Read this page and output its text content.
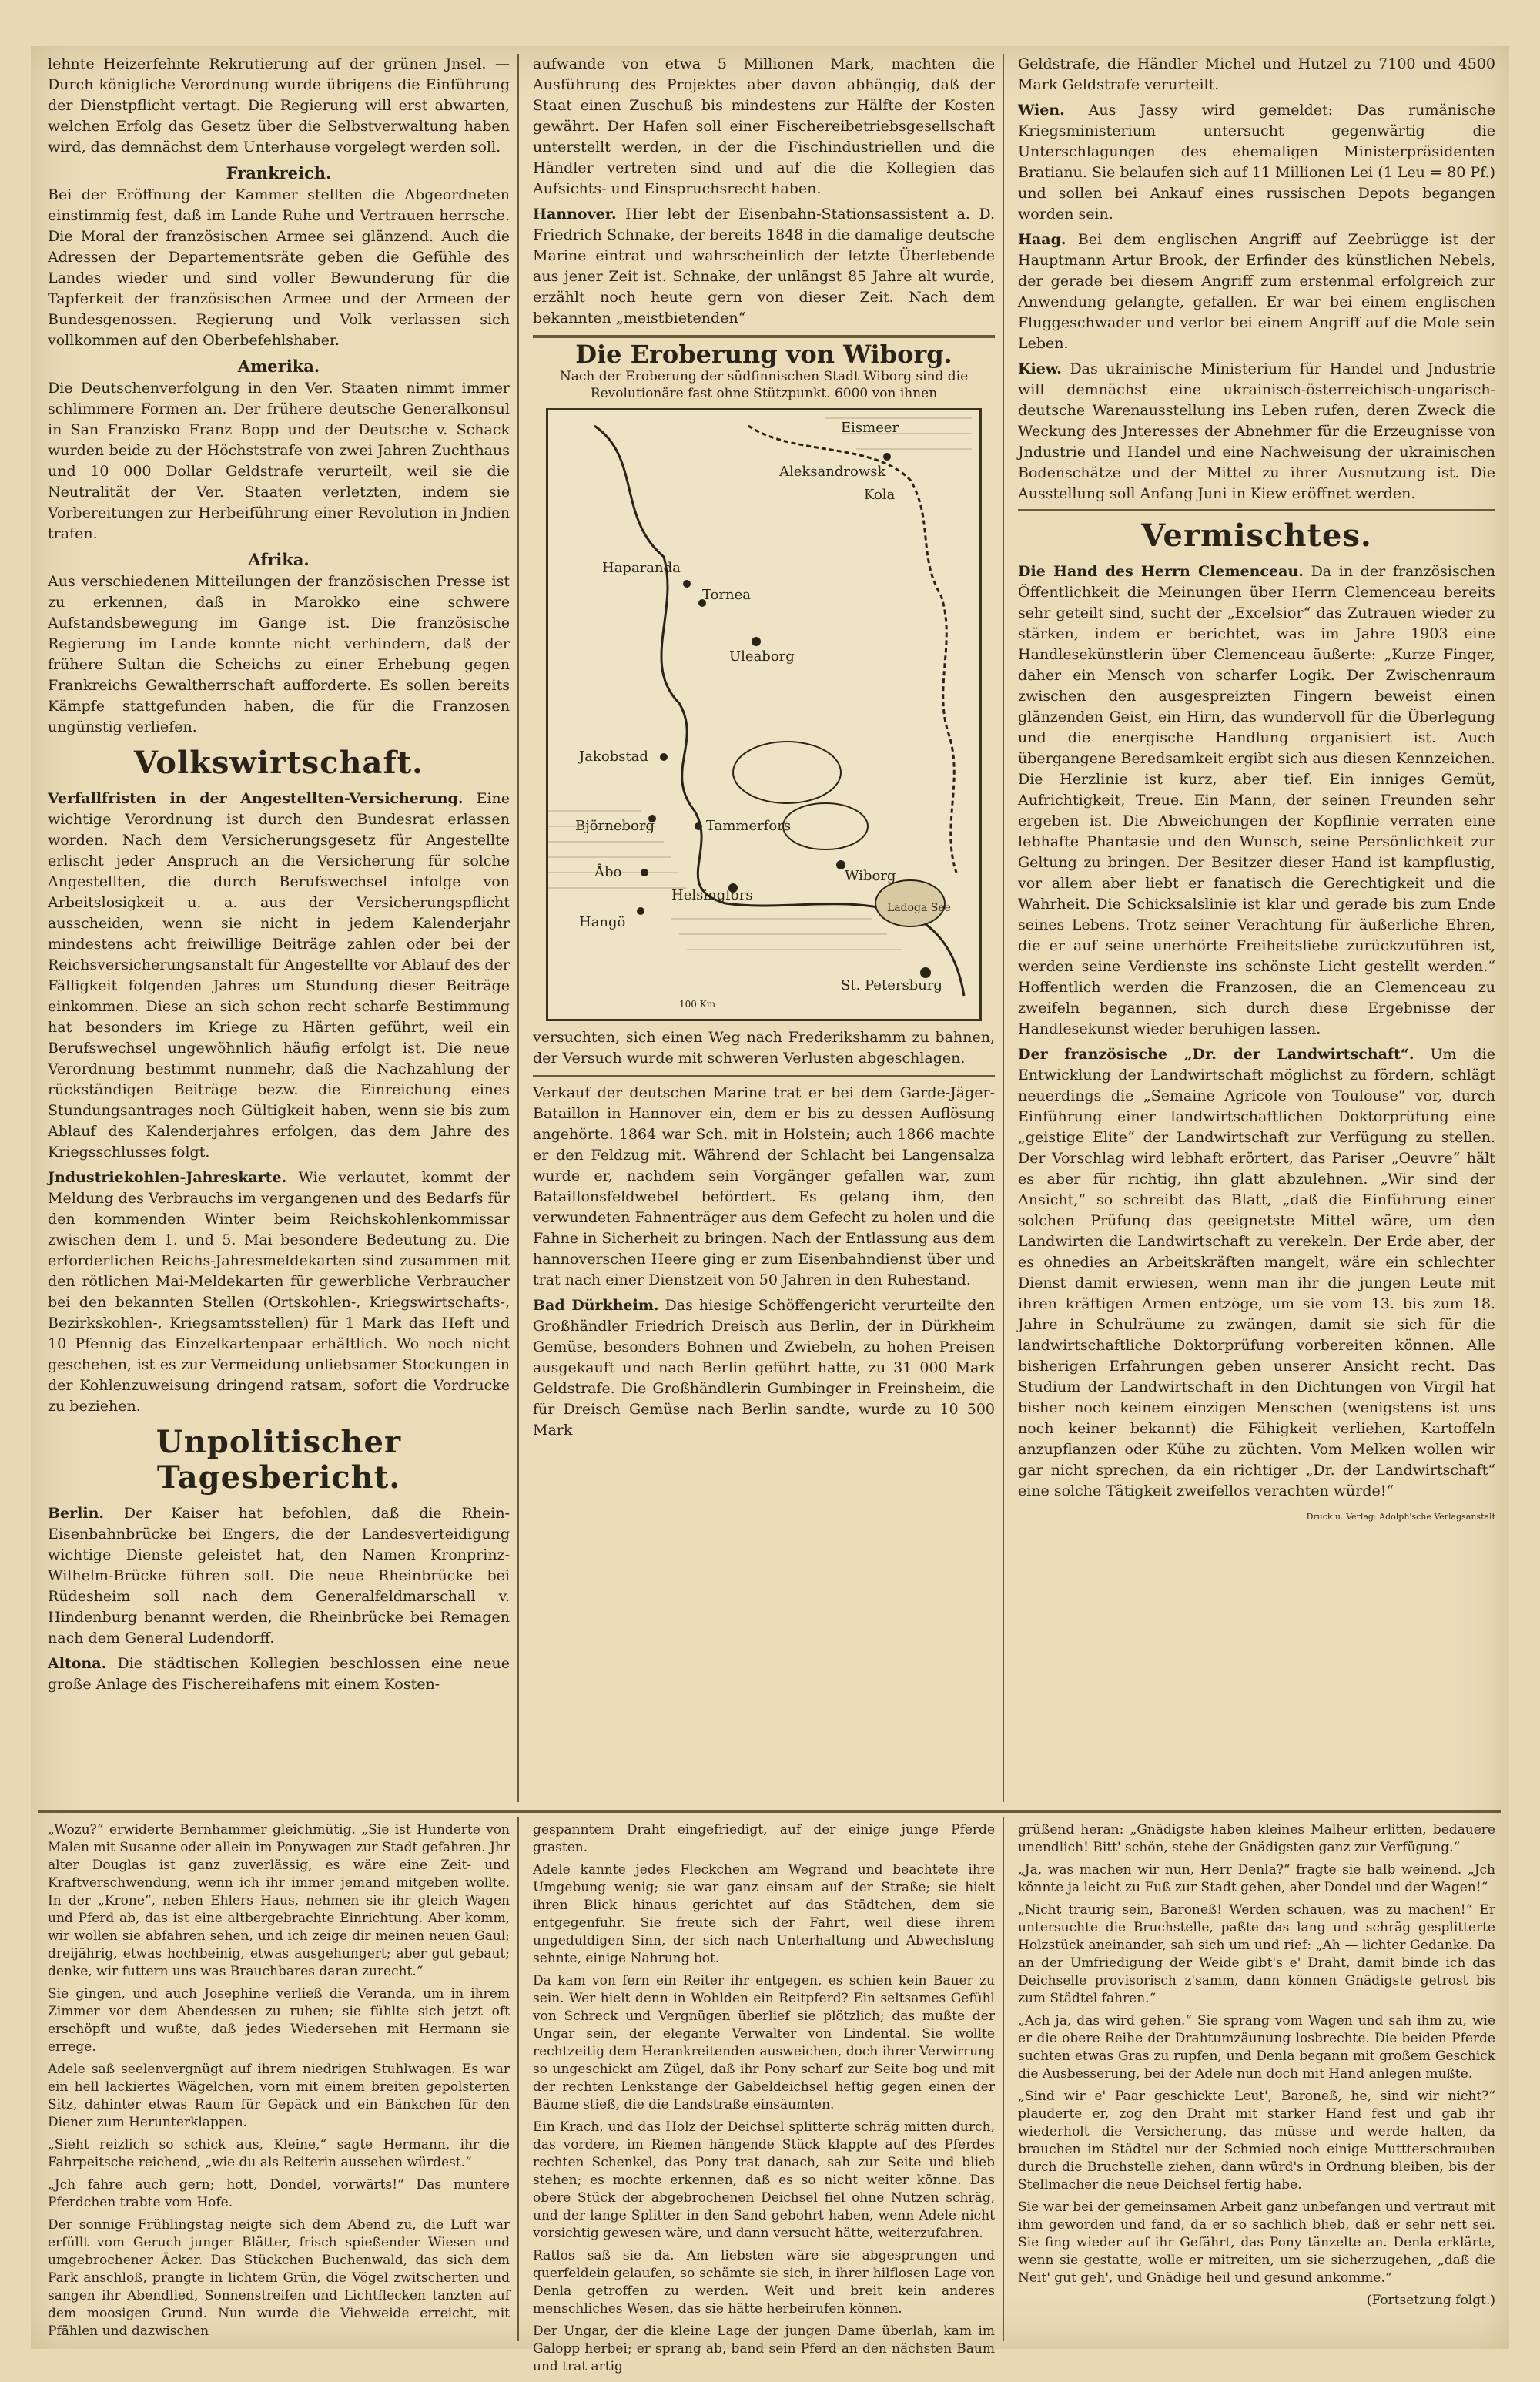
lehnte Heizerfehnte Rekrutierung auf der grünen Jnsel. — Durch königliche Verordnung wurde übrigens die Einführung der Dienstpflicht vertagt. Die Regierung will erst abwarten, welchen Erfolg das Gesetz über die Selbstverwaltung haben wird, das demnächst dem Unterhause vorgelegt werden soll.

Frankreich.

Bei der Eröffnung der Kammer stellten die Abgeordneten einstimmig fest, daß im Lande Ruhe und Vertrauen herrsche. Die Moral der französischen Armee sei glänzend. Auch die Adressen der Departementsräte geben die Gefühle des Landes wieder und sind voller Bewunderung für die Tapferkeit der französischen Armee und der Armeen der Bundesgenossen. Regierung und Volk verlassen sich vollkommen auf den Oberbefehlshaber.

Amerika.

Die Deutschenverfolgung in den Ver. Staaten nimmt immer schlimmere Formen an. Der frühere deutsche Generalkonsul in San Franzisko Franz Bopp und der Deutsche v. Schack wurden beide zu der Höchststrafe von zwei Jahren Zuchthaus und 10 000 Dollar Geldstrafe verurteilt, weil sie die Neutralität der Ver. Staaten verletzten, indem sie Vorbereitungen zur Herbeiführung einer Revolution in Jndien trafen.

Afrika.

Aus verschiedenen Mitteilungen der französischen Presse ist zu erkennen, daß in Marokko eine schwere Aufstandsbewegung im Gange ist. Die französische Regierung im Lande konnte nicht verhindern, daß der frühere Sultan die Scheichs zu einer Erhebung gegen Frankreichs Gewaltherrschaft aufforderte. Es sollen bereits Kämpfe stattgefunden haben, die für die Franzosen ungünstig verliefen.

Volkswirtschaft.

Verfallfristen in der Angestellten-Versicherung. Eine wichtige Verordnung ist durch den Bundesrat erlassen worden. Nach dem Versicherungsgesetz für Angestellte erlischt jeder Anspruch an die Versicherung für solche Angestellten, die durch Berufswechsel infolge von Arbeitslosigkeit u. a. aus der Versicherungspflicht ausscheiden, wenn sie nicht in jedem Kalenderjahr mindestens acht freiwillige Beiträge zahlen oder bei der Reichsversicherungsanstalt für Angestellte vor Ablauf des der Fälligkeit folgenden Jahres um Stundung dieser Beiträge einkommen. Diese an sich schon recht scharfe Bestimmung hat besonders im Kriege zu Härten geführt, weil ein Berufswechsel ungewöhnlich häufig erfolgt ist. Die neue Verordnung bestimmt nunmehr, daß die Nachzahlung der rückständigen Beiträge bezw. die Einreichung eines Stundungsantrages noch Gültigkeit haben, wenn sie bis zum Ablauf des Kalenderjahres erfolgen, das dem Jahre des Kriegsschlusses folgt.

Jndustriekohlen-Jahreskarte. Wie verlautet, kommt der Meldung des Verbrauchs im vergangenen und des Bedarfs für den kommenden Winter beim Reichskohlenkommissar zwischen dem 1. und 5. Mai besondere Bedeutung zu. Die erforderlichen Reichs-Jahresmeldekarten sind zusammen mit den rötlichen Mai-Meldekarten für gewerbliche Verbraucher bei den bekannten Stellen (Ortskohlen-, Kriegswirtschafts-, Bezirkskohlen-, Kriegsamtsstellen) für 1 Mark das Heft und 10 Pfennig das Einzelkartenpaar erhältlich. Wo noch nicht geschehen, ist es zur Vermeidung unliebsamer Stockungen in der Kohlenzuweisung dringend ratsam, sofort die Vordrucke zu beziehen.

Unpolitischer Tagesbericht.

Berlin. Der Kaiser hat befohlen, daß die Rhein-Eisenbahnbrücke bei Engers, die der Landesverteidigung wichtige Dienste geleistet hat, den Namen Kronprinz-Wilhelm-Brücke führen soll. Die neue Rheinbrücke bei Rüdesheim soll nach dem Generalfeldmarschall v. Hindenburg benannt werden, die Rheinbrücke bei Remagen nach dem General Ludendorff.

Altona. Die städtischen Kollegien beschlossen eine neue große Anlage des Fischereihafens mit einem Kosten-

aufwande von etwa 5 Millionen Mark, machten die Ausführung des Projektes aber davon abhängig, daß der Staat einen Zuschuß bis mindestens zur Hälfte der Kosten gewährt. Der Hafen soll einer Fischereibetriebsgesellschaft unterstellt werden, in der die Fischindustriellen und die Händler vertreten sind und auf die die Kollegien das Aufsichts- und Einspruchsrecht haben.

Hannover. Hier lebt der Eisenbahn-Stationsassistent a. D. Friedrich Schnake, der bereits 1848 in die damalige deutsche Marine eintrat und wahrscheinlich der letzte Überlebende aus jener Zeit ist. Schnake, der unlängst 85 Jahre alt wurde, erzählt noch heute gern von dieser Zeit. Nach dem bekannten „meistbietenden“

Die Eroberung von Wiborg.
Nach der Eroberung der südfinnischen Stadt Wiborg sind die Revolutionäre fast ohne Stützpunkt. 6000 von ihnen
Eismeer
Aleksandrowsk
Kola
Haparanda
Tornea
Uleaborg
Jakobstad
Björneborg	Tammerfors
Åbo
Helsingfors
Hangö
Wiborg
Ladoga See
St. Petersburg
100 Km

versuchten, sich einen Weg nach Frederikshamm zu bahnen, der Versuch wurde mit schweren Verlusten abgeschlagen.

Verkauf der deutschen Marine trat er bei dem Garde-Jäger-Bataillon in Hannover ein, dem er bis zu dessen Auflösung angehörte. 1864 war Sch. mit in Holstein; auch 1866 machte er den Feldzug mit. Während der Schlacht bei Langensalza wurde er, nachdem sein Vorgänger gefallen war, zum Bataillonsfeldwebel befördert. Es gelang ihm, den verwundeten Fahnenträger aus dem Gefecht zu holen und die Fahne in Sicherheit zu bringen. Nach der Entlassung aus dem hannoverschen Heere ging er zum Eisenbahndienst über und trat nach einer Dienstzeit von 50 Jahren in den Ruhestand.

Bad Dürkheim. Das hiesige Schöffengericht verurteilte den Großhändler Friedrich Dreisch aus Berlin, der in Dürkheim Gemüse, besonders Bohnen und Zwiebeln, zu hohen Preisen ausgekauft und nach Berlin geführt hatte, zu 31 000 Mark Geldstrafe. Die Großhändlerin Gumbinger in Freinsheim, die für Dreisch Gemüse nach Berlin sandte, wurde zu 10 500 Mark

Geldstrafe, die Händler Michel und Hutzel zu 7100 und 4500 Mark Geldstrafe verurteilt.

Wien. Aus Jassy wird gemeldet: Das rumänische Kriegsministerium untersucht gegenwärtig die Unterschlagungen des ehemaligen Ministerpräsidenten Bratianu. Sie belaufen sich auf 11 Millionen Lei (1 Leu = 80 Pf.) und sollen bei Ankauf eines russischen Depots begangen worden sein.

Haag. Bei dem englischen Angriff auf Zeebrügge ist der Hauptmann Artur Brook, der Erfinder des künstlichen Nebels, der gerade bei diesem Angriff zum erstenmal erfolgreich zur Anwendung gelangte, gefallen. Er war bei einem englischen Fluggeschwader und verlor bei einem Angriff auf die Mole sein Leben.

Kiew. Das ukrainische Ministerium für Handel und Jndustrie will demnächst eine ukrainisch-österreichisch-ungarisch-deutsche Warenausstellung ins Leben rufen, deren Zweck die Weckung des Jnteresses der Abnehmer für die Erzeugnisse von Jndustrie und Handel und eine Nachweisung der ukrainischen Bodenschätze und der Mittel zu ihrer Ausnutzung ist. Die Ausstellung soll Anfang Juni in Kiew eröffnet werden.

Vermischtes.

Die Hand des Herrn Clemenceau. Da in der französischen Öffentlichkeit die Meinungen über Herrn Clemenceau bereits sehr geteilt sind, sucht der „Excelsior“ das Zutrauen wieder zu stärken, indem er berichtet, was im Jahre 1903 eine Handlesekünstlerin über Clemenceau äußerte: „Kurze Finger, daher ein Mensch von scharfer Logik. Der Zwischenraum zwischen den ausgespreizten Fingern beweist einen glänzenden Geist, ein Hirn, das wundervoll für die Überlegung und die energische Handlung organisiert ist. Auch übergangene Beredsamkeit ergibt sich aus diesen Kennzeichen. Die Herzlinie ist kurz, aber tief. Ein inniges Gemüt, Aufrichtigkeit, Treue. Ein Mann, der seinen Freunden sehr ergeben ist. Die Abweichungen der Kopflinie verraten eine lebhafte Phantasie und den Wunsch, seine Persönlichkeit zur Geltung zu bringen. Der Besitzer dieser Hand ist kampflustig, vor allem aber liebt er fanatisch die Gerechtigkeit und die Wahrheit. Die Schicksalslinie ist klar und gerade bis zum Ende seines Lebens. Trotz seiner Verachtung für äußerliche Ehren, die er auf seine unerhörte Freiheitsliebe zurückzuführen ist, werden seine Verdienste ins schönste Licht gestellt werden.“ Hoffentlich werden die Franzosen, die an Clemenceau zu zweifeln begannen, sich durch diese Ergebnisse der Handlesekunst wieder beruhigen lassen.

Der französische „Dr. der Landwirtschaft“. Um die Entwicklung der Landwirtschaft möglichst zu fördern, schlägt neuerdings die „Semaine Agricole von Toulouse“ vor, durch Einführung einer landwirtschaftlichen Doktorprüfung eine „geistige Elite“ der Landwirtschaft zur Verfügung zu stellen. Der Vorschlag wird lebhaft erörtert, das Pariser „Oeuvre“ hält es aber für richtig, ihn glatt abzulehnen. „Wir sind der Ansicht,“ so schreibt das Blatt, „daß die Einführung einer solchen Prüfung das geeignetste Mittel wäre, um den Landwirten die Landwirtschaft zu verekeln. Der Erde aber, der es ohnedies an Arbeitskräften mangelt, wäre ein schlechter Dienst damit erwiesen, wenn man ihr die jungen Leute mit ihren kräftigen Armen entzöge, um sie vom 13. bis zum 18. Jahre in Schulräume zu zwängen, damit sie sich für die landwirtschaftliche Doktorprüfung vorbereiten können. Alle bisherigen Erfahrungen geben unserer Ansicht recht. Das Studium der Landwirtschaft in den Dichtungen von Virgil hat bisher noch keinem einzigen Menschen (wenigstens ist uns noch keiner bekannt) die Fähigkeit verliehen, Kartoffeln anzupflanzen oder Kühe zu züchten. Vom Melken wollen wir gar nicht sprechen, da ein richtiger „Dr. der Landwirtschaft“ eine solche Tätigkeit zweifellos verachten würde!“

Druck u. Verlag: Adolph'sche Verlagsanstalt

„Wozu?“ erwiderte Bernhammer gleichmütig. „Sie ist Hunderte von Malen mit Susanne oder allein im Ponywagen zur Stadt gefahren. Jhr alter Douglas ist ganz zuverlässig, es wäre eine Zeit- und Kraftverschwendung, wenn ich ihr immer jemand mitgeben wollte. In der „Krone“, neben Ehlers Haus, nehmen sie ihr gleich Wagen und Pferd ab, das ist eine altbergebrachte Einrichtung. Aber komm, wir wollen sie abfahren sehen, und ich zeige dir meinen neuen Gaul; dreijährig, etwas hochbeinig, etwas ausgehungert; aber gut gebaut; denke, wir futtern uns was Brauchbares daran zurecht.“

Sie gingen, und auch Josephine verließ die Veranda, um in ihrem Zimmer vor dem Abendessen zu ruhen; sie fühlte sich jetzt oft erschöpft und wußte, daß jedes Wiedersehen mit Hermann sie errege.

Adele saß seelenvergnügt auf ihrem niedrigen Stuhlwagen. Es war ein hell lackiertes Wägelchen, vorn mit einem breiten gepolsterten Sitz, dahinter etwas Raum für Gepäck und ein Bänkchen für den Diener zum Herunterklappen.

„Sieht reizlich so schick aus, Kleine,“ sagte Hermann, ihr die Fahrpeitsche reichend, „wie du als Reiterin aussehen würdest.“

„Jch fahre auch gern; hott, Dondel, vorwärts!“ Das muntere Pferdchen trabte vom Hofe.

Der sonnige Frühlingstag neigte sich dem Abend zu, die Luft war erfüllt vom Geruch junger Blätter, frisch spießender Wiesen und umgebrochener Äcker. Das Stückchen Buchenwald, das sich dem Park anschloß, prangte in lichtem Grün, die Vögel zwitscherten und sangen ihr Abendlied, Sonnenstreifen und Lichtflecken tanzten auf dem moosigen Grund. Nun wurde die Viehweide erreicht, mit Pfählen und dazwischen

gespanntem Draht eingefriedigt, auf der einige junge Pferde grasten.

Adele kannte jedes Fleckchen am Wegrand und beachtete ihre Umgebung wenig; sie war ganz einsam auf der Straße; sie hielt ihren Blick hinaus gerichtet auf das Städtchen, dem sie entgegenfuhr. Sie freute sich der Fahrt, weil diese ihrem ungeduldigen Sinn, der sich nach Unterhaltung und Abwechslung sehnte, einige Nahrung bot.

Da kam von fern ein Reiter ihr entgegen, es schien kein Bauer zu sein. Wer hielt denn in Wohlden ein Reitpferd? Ein seltsames Gefühl von Schreck und Vergnügen überlief sie plötzlich; das mußte der Ungar sein, der elegante Verwalter von Lindental. Sie wollte rechtzeitig dem Herankreitenden ausweichen, doch ihrer Verwirrung so ungeschickt am Zügel, daß ihr Pony scharf zur Seite bog und mit der rechten Lenkstange der Gabeldeichsel heftig gegen einen der Bäume stieß, die die Landstraße einsäumten.

Ein Krach, und das Holz der Deichsel splitterte schräg mitten durch, das vordere, im Riemen hängende Stück klappte auf des Pferdes rechten Schenkel, das Pony trat danach, sah zur Seite und blieb stehen; es mochte erkennen, daß es so nicht weiter könne. Das obere Stück der abgebrochenen Deichsel fiel ohne Nutzen schräg, und der lange Splitter in den Sand gebohrt haben, wenn Adele nicht vorsichtig gewesen wäre, und dann versucht hätte, weiterzufahren.

Ratlos saß sie da. Am liebsten wäre sie abgesprungen und querfeldein gelaufen, so schämte sie sich, in ihrer hilflosen Lage von Denla getroffen zu werden. Weit und breit kein anderes menschliches Wesen, das sie hätte herbeirufen können.

Der Ungar, der die kleine Lage der jungen Dame überlah, kam im Galopp herbei; er sprang ab, band sein Pferd an den nächsten Baum und trat artig

grüßend heran: „Gnädigste haben kleines Malheur erlitten, bedauere unendlich! Bitt' schön, stehe der Gnädigsten ganz zur Verfügung.“

„Ja, was machen wir nun, Herr Denla?“ fragte sie halb weinend. „Jch könnte ja leicht zu Fuß zur Stadt gehen, aber Dondel und der Wagen!“

„Nicht traurig sein, Baroneß! Werden schauen, was zu machen!“ Er untersuchte die Bruchstelle, paßte das lang und schräg gesplitterte Holzstück aneinander, sah sich um und rief: „Ah — lichter Gedanke. Da an der Umfriedigung der Weide gibt's e' Draht, damit binde ich das Deichselle provisorisch z'samm, dann können Gnädigste getrost bis zum Städtel fahren.“

„Ach ja, das wird gehen.“ Sie sprang vom Wagen und sah ihm zu, wie er die obere Reihe der Drahtumzäunung losbrechte. Die beiden Pferde suchten etwas Gras zu rupfen, und Denla begann mit großem Geschick die Ausbesserung, bei der Adele nun doch mit Hand anlegen mußte.

„Sind wir e' Paar geschickte Leut', Baroneß, he, sind wir nicht?“ plauderte er, zog den Draht mit starker Hand fest und gab ihr wiederholt die Versicherung, das müsse und werde halten, da brauchen im Städtel nur der Schmied noch einige Muttterschrauben durch die Bruchstelle ziehen, dann würd's in Ordnung bleiben, bis der Stellmacher die neue Deichsel fertig habe.

Sie war bei der gemeinsamen Arbeit ganz unbefangen und vertraut mit ihm geworden und fand, da er so sachlich blieb, daß er sehr nett sei. Sie fing wieder auf ihr Gefährt, das Pony tänzelte an. Denla erklärte, wenn sie gestatte, wolle er mitreiten, um sie sicherzugehen, „daß die Neit' gut geh', und Gnädige heil und gesund ankomme.“

(Fortsetzung folgt.)
